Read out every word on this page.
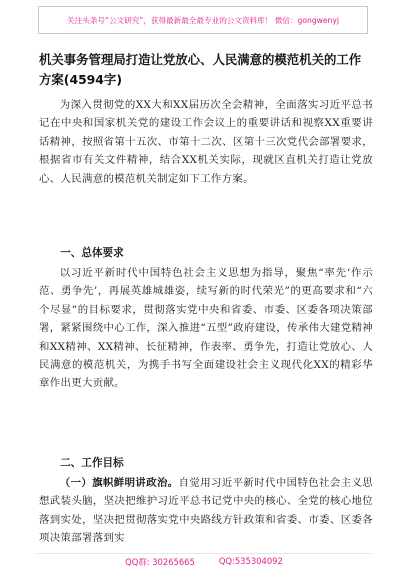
关注头条号“公文研究”，获得最新最全最专业的公文资料库！ 微信：gongwenyj
机关事务管理局打造让党放心、人民满意的模范机关的工作方案(4594字)
为深入贯彻党的XX大和XX届历次全会精神，全面落实习近平总书记在中央和国家机关党的建设工作会议上的重要讲话和视察XX重要讲话精神，按照省第十五次、市第十二次、区第十三次党代会部署要求，根据省市有关文件精神，结合XX机关实际，现就区直机关打造让党放心、人民满意的模范机关制定如下工作方案。
一、总体要求
以习近平新时代中国特色社会主义思想为指导，聚焦“率先‘作示范、勇争先’，再展英雄城雄姿，续写新的时代荣光”的更高要求和“六个尽显”的目标要求，贯彻落实党中央和省委、市委、区委各项决策部署，紧紧围绕中心工作，深入推进“五型”政府建设，传承伟大建党精神和XX精神、XX精神、长征精神，作表率、勇争先，打造让党放心、人民满意的模范机关，为携手书写全面建设社会主义现代化XX的精彩华章作出更大贡献。
二、工作目标
（一）旗帜鲜明讲政治。自觉用习近平新时代中国特色社会主义思想武装头脑，坚决把维护习近平总书记党中央的核心、全党的核心地位落到实处，坚决把贯彻落实党中央路线方针政策和省委、市委、区委各项决策部署落到实
QQ群: 30265665	QQ:535304092
